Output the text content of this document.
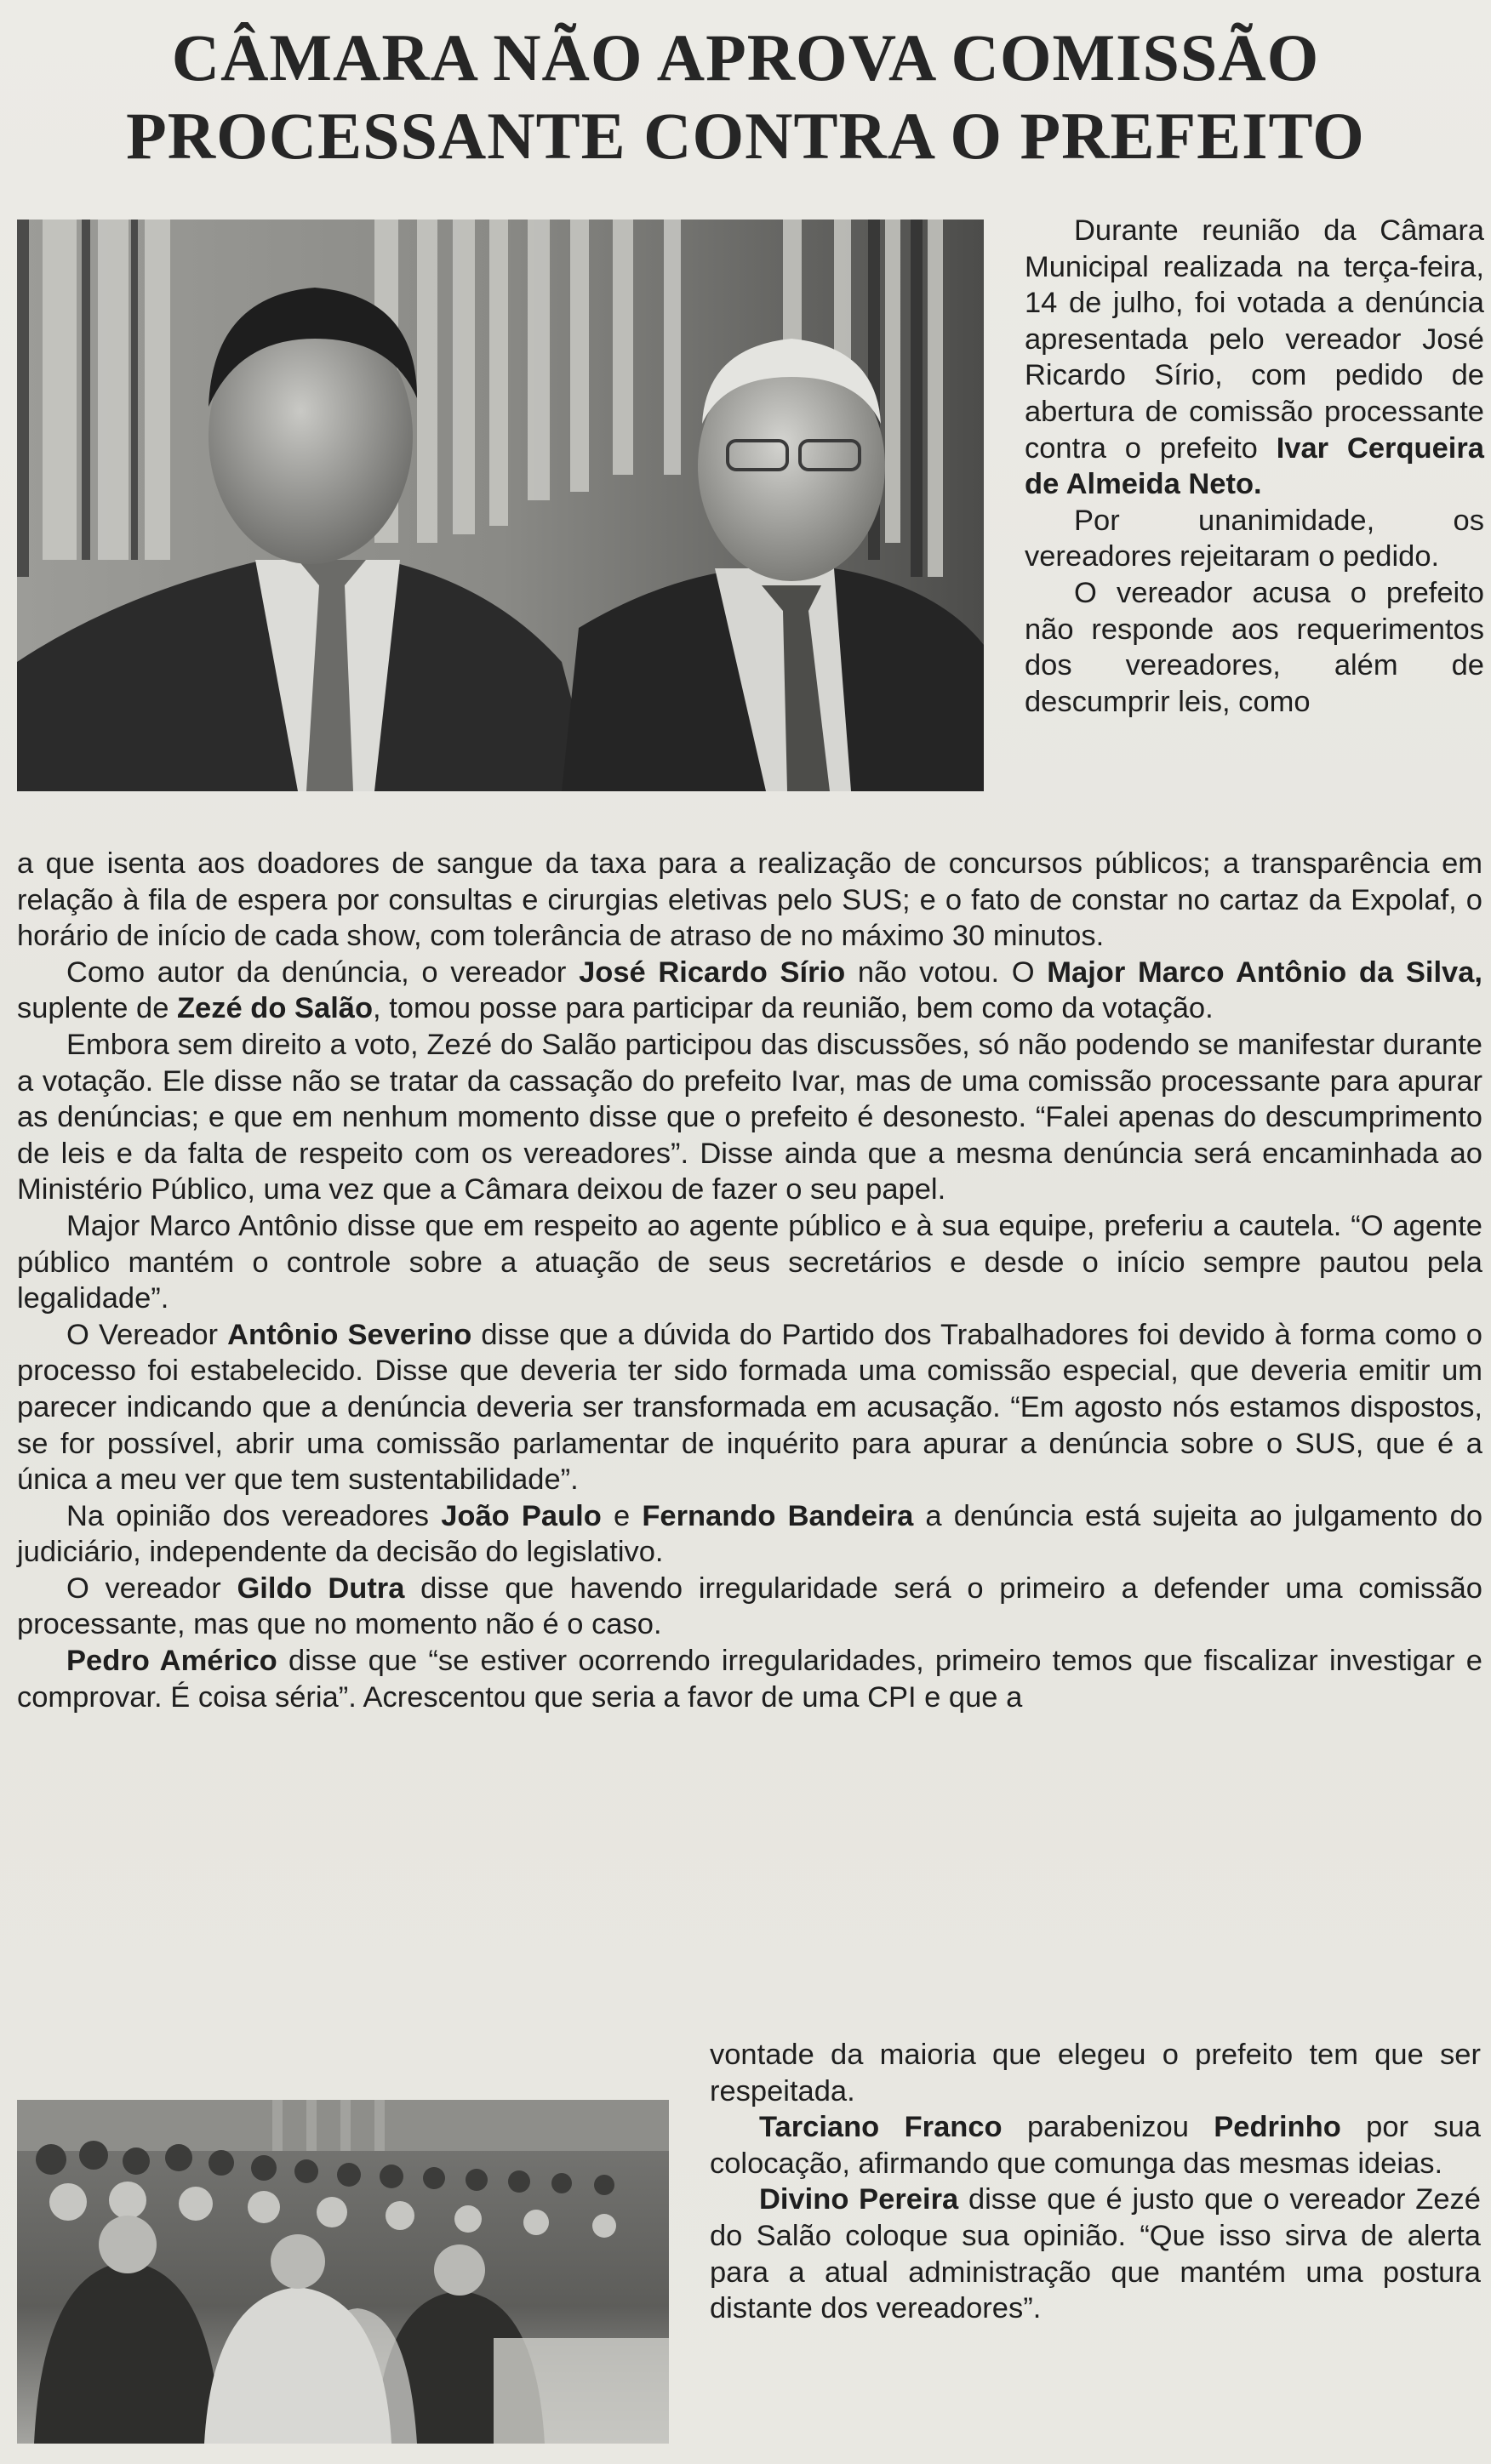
CÂMARA NÃO APROVA COMISSÃO
PROCESSANTE CONTRA O PREFEITO

Durante reunião da Câmara Municipal realizada na terça-feira, 14 de julho, foi votada a denúncia apresentada pelo vereador José Ricardo Sírio, com pedido de abertura de comissão processante contra o prefeito Ivar Cerqueira de Almeida Neto.

Por unanimidade, os vereadores rejeitaram o pedido.

O vereador acusa o prefeito não responde aos requerimentos dos vereadores, além de descumprir leis, como

a que isenta aos doadores de sangue da taxa para a realização de concursos públicos; a transparência em relação à fila de espera por consultas e cirurgias eletivas pelo SUS; e o fato de constar no cartaz da Expolaf, o horário de início de cada show, com tolerância de atraso de no máximo 30 minutos.

Como autor da denúncia, o vereador José Ricardo Sírio não votou. O Major Marco Antônio da Silva, suplente de Zezé do Salão, tomou posse para participar da reunião, bem como da votação.

Embora sem direito a voto, Zezé do Salão participou das discussões, só não podendo se manifestar durante a votação. Ele disse não se tratar da cassação do prefeito Ivar, mas de uma comissão processante para apurar as denúncias; e que em nenhum momento disse que o prefeito é desonesto. “Falei apenas do descumprimento de leis e da falta de respeito com os vereadores”. Disse ainda que a mesma denúncia será encaminhada ao Ministério Público, uma vez que a Câmara deixou de fazer o seu papel.

Major Marco Antônio disse que em respeito ao agente público e à sua equipe, preferiu a cautela. “O agente público mantém o controle sobre a atuação de seus secretários e desde o início sempre pautou pela legalidade”.

O Vereador Antônio Severino disse que a dúvida do Partido dos Trabalhadores foi devido à forma como o processo foi estabelecido. Disse que deveria ter sido formada uma comissão especial, que deveria emitir um parecer indicando que a denúncia deveria ser transformada em acusação. “Em agosto nós estamos dispostos, se for possível, abrir uma comissão parlamentar de inquérito para apurar a denúncia sobre o SUS, que é a única a meu ver que tem sustentabilidade”.

Na opinião dos vereadores João Paulo e Fernando Bandeira a denúncia está sujeita ao julgamento do judiciário, independente da decisão do legislativo.

O vereador Gildo Dutra disse que havendo irregularidade será o primeiro a defender uma comissão processante, mas que no momento não é o caso.

Pedro Américo disse que “se estiver ocorrendo irregularidades, primeiro temos que fiscalizar investigar e comprovar. É coisa séria”. Acrescentou que seria a favor de uma CPI e que a

vontade da maioria que elegeu o prefeito tem que ser respeitada.

Tarciano Franco parabenizou Pedrinho por sua colocação, afirmando que comunga das mesmas ideias.

Divino Pereira disse que é justo que o vereador Zezé do Salão coloque sua opinião. “Que isso sirva de alerta para a atual administração que mantém uma postura distante dos vereadores”.
